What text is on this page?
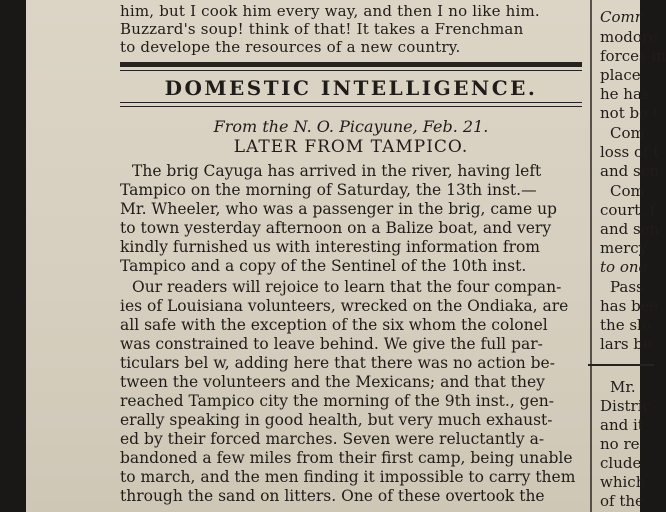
him, but I cook him every way, and then I no like him.
Buzzard's soup! think of that! It takes a Frenchman
to develope the resources of a new country.
DOMESTIC INTELLIGENCE.
From the N. O. Picayune, Feb. 21.
LATER FROM TAMPICO.
The brig Cayuga has arrived in the river, having left
Tampico on the morning of Saturday, the 13th inst.—
Mr. Wheeler, who was a passenger in the brig, came up
to town yesterday afternoon on a Balize boat, and very
kindly furnished us with interesting information from
Tampico and a copy of the Sentinel of the 10th inst.
Our readers will rejoice to learn that the four compan-
ies of Louisiana volunteers, wrecked on the Ondiaka, are
all safe with the exception of the six whom the colonel
was constrained to leave behind. We give the full par-
ticulars bel w, adding here that there was no action be-
tween the volunteers and the Mexicans; and that they
reached Tampico city the morning of the 9th inst., gen-
erally speaking in good health, but very much exhaust-
ed by their forced marches. Seven were reluctantly a-
bandoned a few miles from their first camp, being unable
to march, and the men finding it impossible to carry them
through the sand on litters. One of these overtook the
Comr
modore
forces in
place.
he has
not be t
Com
loss of t
and sen
Com
court, f
and sen
mercy
to one
Pass
has bee
the slo
lars be
Mr.
Distric
and it
no re
clude
which
of the
